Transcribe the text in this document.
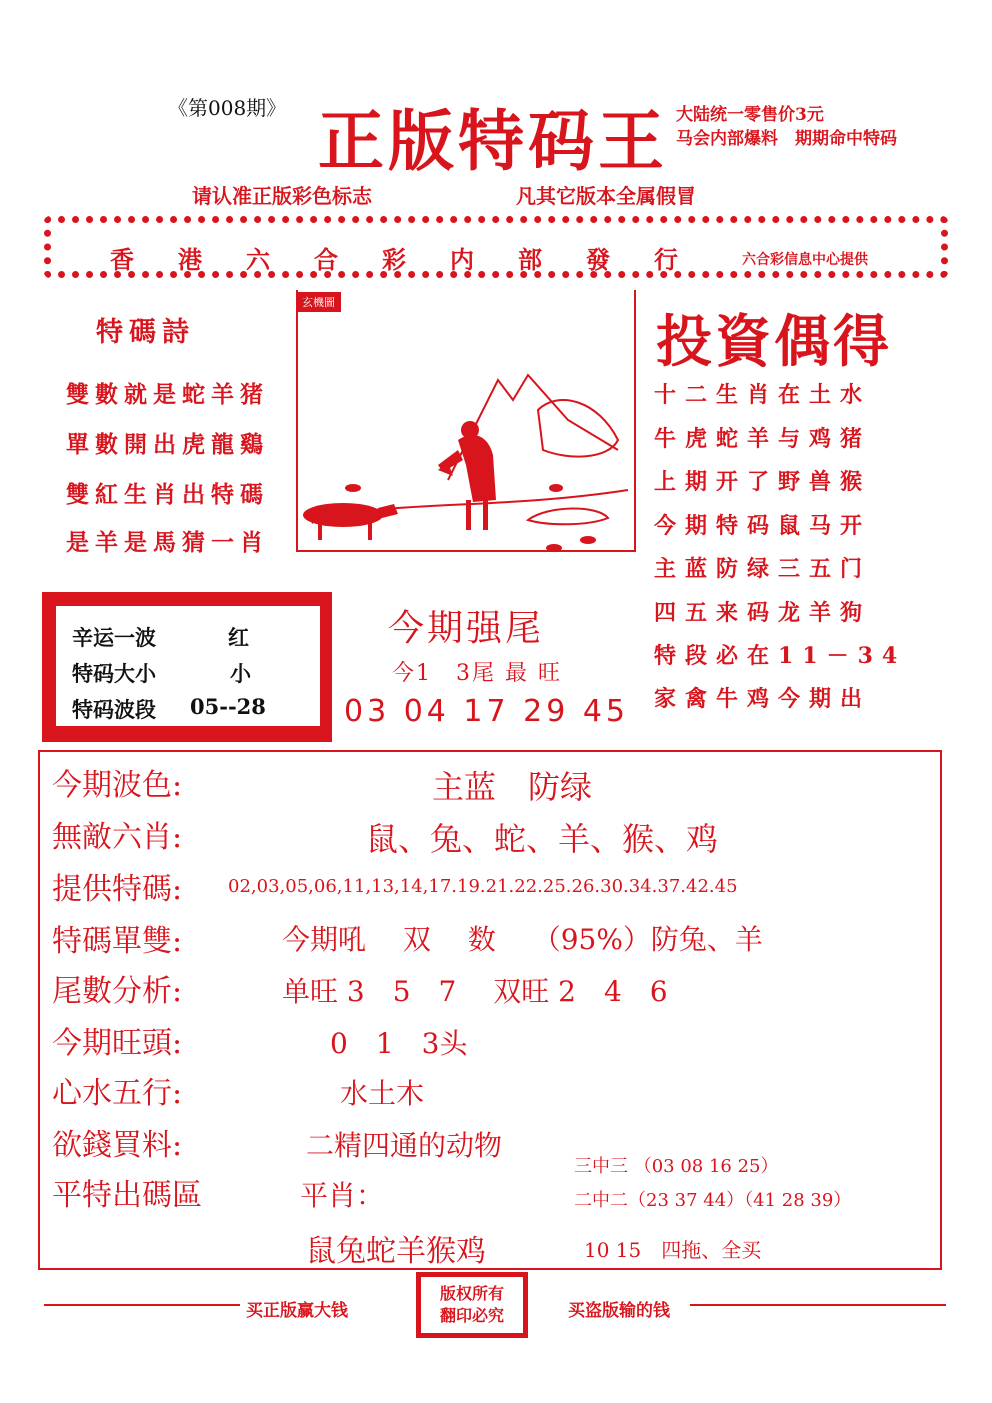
《第008期》 正版特码王 大陆统一零售价3元
马会内部爆料　期期命中特码
请认准正版彩色标志	凡其它版本全属假冒
香港六合彩内部發行 六合彩信息中心提供
特碼詩
雙數就是蛇羊猪
單數開出虎龍鷄
雙紅生肖出特碼
是羊是馬猜一肖
玄機圖
投資偶得
十二生肖在土水
牛虎蛇羊与鸡猪
上期开了野兽猴
今期特码鼠马开
主蓝防绿三五门
四五来码龙羊狗
特段必在11－34
家禽牛鸡今期出
辛运一波	红
特码大小	小
特码波段 05--28
今期强尾
今1　3尾 最 旺
03 04 17 29 45
今期波色:	主蓝　防绿
無敵六肖:	鼠、兔、蛇、羊、猴、鸡
提供特碼:	02,03,05,06,11,13,14,17.19.21.22.25.26.30.34.37.42.45
特碼單雙:	今期吼　 双　 数　 （95%）防兔、羊
尾數分析:	单旺 3　5　7　 双旺 2　4　6
今期旺頭:	0　1　3头
心水五行:	水土木
欲錢買料:	二精四通的动物
平特出碼區	平肖：
三中三 （03 08 16 25）
二中二（23 37 44）（41 28 39）
鼠兔蛇羊猴鸡	10 15　四拖、全买
买正版赢大钱
版权所有
翻印必究	买盗版输的钱
